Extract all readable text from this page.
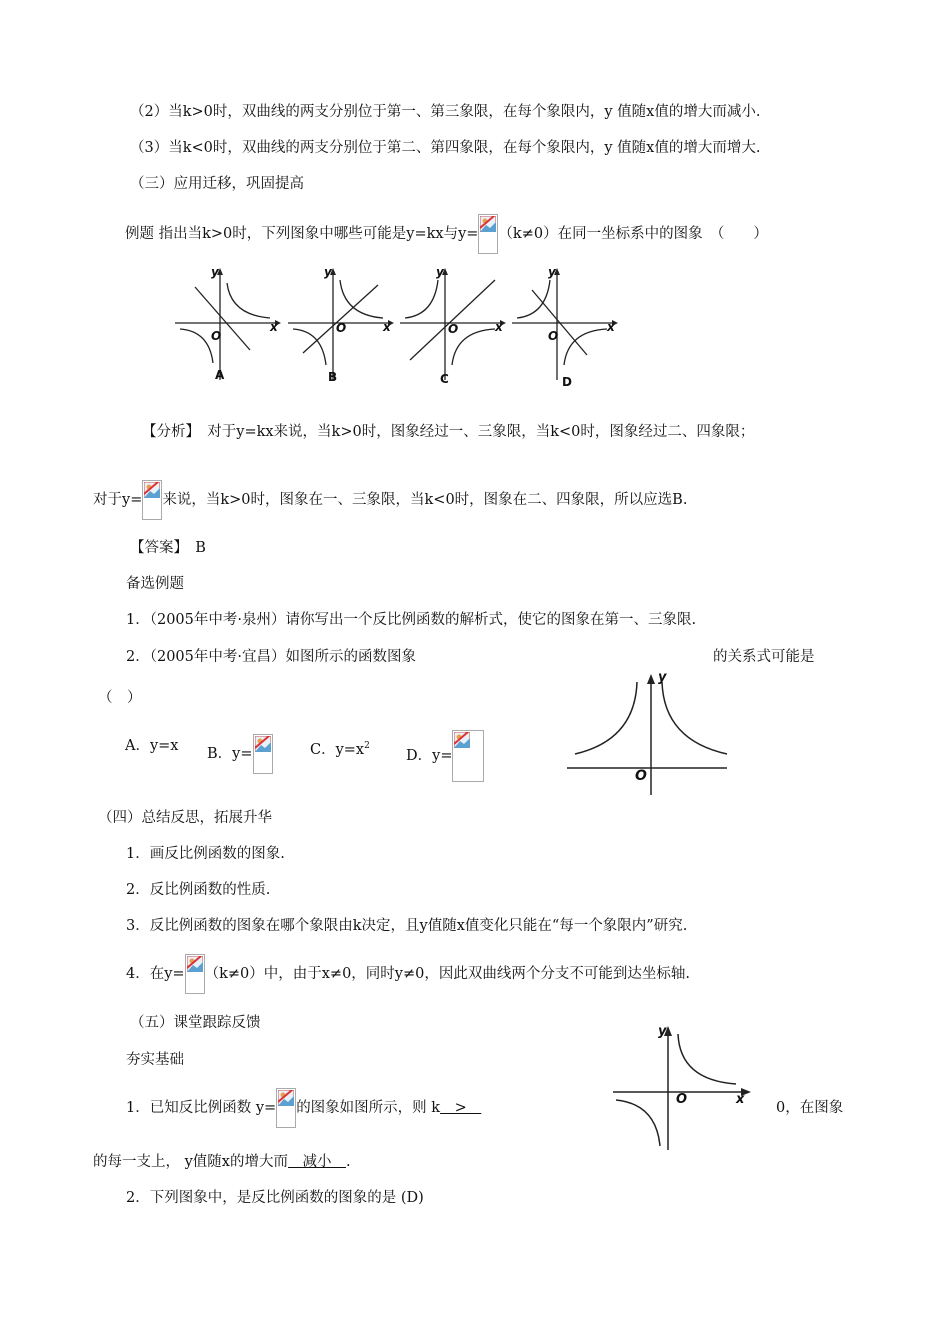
（2）当k>0时，双曲线的两支分别位于第一、第三象限，在每个象限内，y 值随x值的增大而减小.
（3）当k<0时，双曲线的两支分别位于第二、第四象限，在每个象限内，y 值随x值的增大而增大.
（三）应用迁移，巩固提高
例题 指出当k>0时，下列图象中哪些可能是y=kx与y= （k≠0）在同一坐标系中的图象　（　　）
O
x
y
A
O	x
y
B
O	x
y
C
O
x
y
D
【分析】　对于y=kx来说，当k>0时，图象经过一、三象限，当k<0时，图象经过二、四象限；
对于y= 来说，当k>0时，图象在一、三象限，当k<0时，图象在二、四象限，所以应选B.
【答案】　B
备选例题
1．（2005年中考·泉州）请你写出一个反比例函数的解析式，使它的图象在第一、三象限.
2．（2005年中考·宜昌）如图所示的函数图象	的关系式可能是
（　）
A．y=x B．y=	C．$y=x^2$
D．y=
y
O
（四）总结反思，拓展升华
1．画反比例函数的图象.
2．反比例函数的性质.
3．反比例函数的图象在哪个象限由k决定，且y值随x值变化只能在“每一个象限内”研究.
4．在y= （k≠0）中，由于x≠0，同时y≠0，因此双曲线两个分支不可能到达坐标轴.
（五）课堂跟踪反馈
夯实基础
1．已知反比例函数 y= 的图象如图所示，则 k　>　	0，在图象
y
O	x
的每一支上， y值随x的增大而　减小　.
2．下列图象中，是反比例函数的图象的是 (D)
